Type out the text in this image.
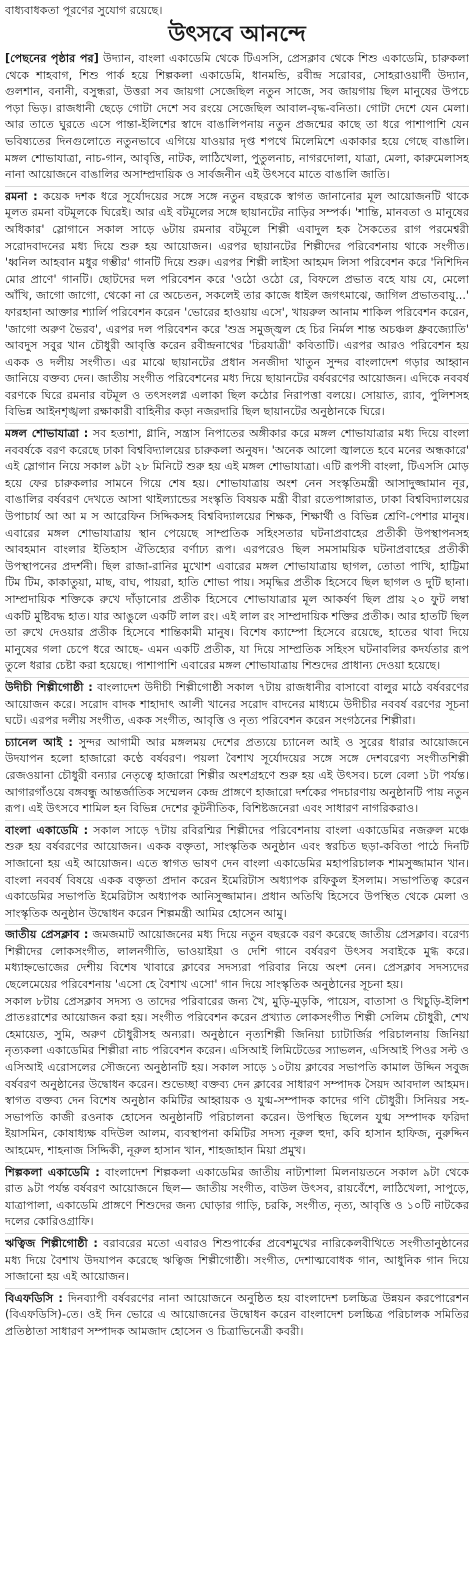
বাধ্যবাধকতা পূরণের সুযোগ রয়েছে।
উৎসবে আনন্দে

[পেছনের পৃষ্ঠার পর] উদ্যান, বাংলা একাডেমি থেকে টিএসসি, প্রেসক্লাব থেকে শিশু একাডেমি, চারুকলা থেকে শাহবাগ, শিশু পার্ক হয়ে শিল্পকলা একাডেমি, ধানমন্ডি, রবীন্দ্র সরোবর, সোহরাওয়ার্দী উদ্যান, গুলশান, বনানী, বসুন্ধরা, উত্তরা সব জায়গা সেজেছিল নতুন সাজে, সব জায়গায় ছিল মানুষের উপচে পড়া ভিড়। রাজধানী ছেড়ে গোটা দেশে সব রংয়ে সেজেছিল আবাল-বৃদ্ধ-বনিতা। গোটা দেশে যেন মেলা। আর তাতে ঘুরতে এসে পান্তা-ইলিশের স্বাদে বাঙালিপনায় নতুন প্রজন্মের কাছে তা ধরে পাশাপাশি যেন ভবিষ্যতের দিনগুলোতে নতুনভাবে এগিয়ে যাওয়ার দৃপ্ত শপথে মিলেমিশে একাকার হয়ে গেছে বাঙালি। মঙ্গল শোভাযাত্রা, নাচ-গান, আবৃত্তি, নাটক, লাঠিখেলা, পুতুলনাচ, নাগরদোলা, যাত্রা, মেলা, কারুমেলাসহ নানা আয়োজনে বাঙালির অসাম্প্রদায়িক ও সার্বজনীন এই উৎসবে মাতে বাঙালি জাতি।

রমনা : কয়েক দশক ধরে সূর্যোদয়ের সঙ্গে সঙ্গে নতুন বছরকে স্বাগত জানানোর মূল আয়োজনটি থাকে মূলত রমনা বটমূলকে ঘিরেই। আর এই বটমূলের সঙ্গে ছায়ানটের নাড়ির সম্পর্ক। 'শান্তি, মানবতা ও মানুষের অধিকার' স্লোগানে সকাল সাড়ে ৬টায় রমনার বটমূলে শিল্পী এবাদুল হক সৈকতের রাগ পরমেশ্বরী সরোদবাদনের মধ্য দিয়ে শুরু হয় আয়োজন। এরপর ছায়ানটের শিল্পীদের পরিবেশনায় থাকে সংগীত। 'ধ্বনিল আহবান মধুর গম্ভীর' গানটি দিয়ে শুরু। এরপর শিল্পী লাইসা আহমদ লিসা পরিবেশন করে 'নিশিদিন মোর প্রাণে' গানটি। ছোটদের দল পরিবেশন করে 'ওঠো ওঠো রে, বিফলে প্রভাত বহে যায় যে, মেলো আঁখি, জাগো জাগো, থেকো না রে অচেতন, সকলেই তার কাজে ধাইল জগৎমাঝে, জাগিল প্রভাতবায়ু...' ফারহানা আক্তার শ্যার্লি পরিবেশন করেন 'ভোরের হাওয়ায় এসে', খায়রুল আনাম শাকিল পরিবেশন করেন, 'জাগো অরুণ ভৈরব', এরপর দল পরিবেশন করে 'শুভ্র সমুজ্জ্বল হে চির নির্মল শান্ত অচঞ্চল ধ্রুবজ্যোতি' আবদুস সবুর খান চৌধুরী আবৃত্তি করেন রবীন্দ্রনাথের 'চিরযাত্রী' কবিতাটি। এরপর আরও পরিবেশন হয় একক ও দলীয় সংগীত। এর মাঝে ছায়ানটের প্রধান সনজীদা খাতুন সুন্দর বাংলাদেশ গড়ার আহ্বান জানিয়ে বক্তব্য দেন। জাতীয় সংগীত পরিবেশনের মধ্য দিয়ে ছায়ানটের বর্ষবরণের আয়োজন। এদিকে নববর্ষ বরণকে ঘিরে রমনার বটমূল ও তৎসংলগ্ন এলাকা ছিল কঠোর নিরাপত্তা বলয়ে। সোয়াত, র‍্যাব, পুলিশসহ বিভিন্ন আইনশৃঙ্খলা রক্ষাকারী বাহিনীর কড়া নজরদারি ছিল ছায়ানটের অনুষ্ঠানকে ঘিরে।

মঙ্গল শোভাযাত্রা : সব হতাশা, গ্লানি, সন্ত্রাস নিপাতের অঙ্গীকার করে মঙ্গল শোভাযাত্রার মধ্য দিয়ে বাংলা নববর্ষকে বরণ করেছে ঢাকা বিশ্ববিদ্যালয়ের চারুকলা অনুষদ। 'অনেক আলো জ্বালতে হবে মনের অন্ধকারে' এই স্লোগান নিয়ে সকাল ৯টা ২৮ মিনিটে শুরু হয় এই মঙ্গল শোভাযাত্রা। এটি রূপসী বাংলা, টিএসসি মোড় হয়ে ফের চারুকলার সামনে গিয়ে শেষ হয়। শোভাযাত্রায় অংশ নেন সংস্কৃতিমন্ত্রী আসাদুজ্জামান নূর, বাঙালির বর্ষবরণ দেখতে আসা থাইল্যান্ডের সংস্কৃতি বিষয়ক মন্ত্রী বীরা রতেপাঙ্গারাত, ঢাকা বিশ্ববিদ্যালয়ের উপাচার্য আ আ ম স আরেফিন সিদ্দিকসহ বিশ্ববিদ্যালয়ের শিক্ষক, শিক্ষার্থী ও বিভিন্ন শ্রেণি-পেশার মানুষ। এবারের মঙ্গল শোভাযাত্রায় স্থান পেয়েছে সাম্প্রতিক সহিংসতার ঘটনাপ্রবাহের প্রতীকী উপস্থাপনসহ আবহমান বাংলার ইতিহাস ঐতিহ্যের বর্ণাঢ্য রূপ। এরপরেও ছিল সমসাময়িক ঘটনাপ্রবাহের প্রতীকী উপস্থাপনের প্রদর্শনী। ছিল রাজা-রানির মুখোশ এবারের মঙ্গল শোভাযাত্রায় ছাগল, তোতা পাখি, হাট্টিমা টিম টিম, কাকাতুয়া, মাছ, বাঘ, পায়রা, হাতি শোভা পায়। সমৃদ্ধির প্রতীক হিসেবে ছিল ছাগল ও দুটি ছানা। সাম্প্রদায়িক শক্তিকে রুখে দাঁড়ানোর প্রতীক হিসেবে শোভাযাত্রার মূল আকর্ষণ ছিল প্রায় ২০ ফুট লম্বা একটি মুষ্টিবদ্ধ হাত। যার আঙুলে একটি লাল রং। এই লাল রং সাম্প্রদায়িক শক্তির প্রতীক। আর হাতটি ছিল তা রুখে দেওয়ার প্রতীক হিসেবে শান্তিকামী মানুষ। বিশেষ ক্যাম্পো হিসেবে রয়েছে, হাতের থাবা দিয়ে মানুষের গলা চেপে ধরে আছে- এমন একটি প্রতীক, যা দিয়ে সাম্প্রতিক সহিংস ঘটনাবলির কদর্যতার রূপ তুলে ধরার চেষ্টা করা হয়েছে। পাশাপাশি এবারের মঙ্গল শোভাযাত্রায় শিশুদের প্রাধান্য দেওয়া হয়েছে।

উদীচী শিল্পীগোষ্ঠী : বাংলাদেশ উদীচী শিল্পীগোষ্ঠী সকাল ৭টায় রাজধানীর বাসাবো বালুর মাঠে বর্ষবরণের আয়োজন করে। সরোদ বাদক শাহাদাৎ আলী খানের সরোদ বাদনের মাধ্যমে উদীচীর নববর্ষ বরণের সূচনা ঘটে। এরপর দলীয় সংগীত, একক সংগীত, আবৃত্তি ও নৃত্য পরিবেশন করেন সংগঠনের শিল্পীরা।

চ্যানেল আই : সুন্দর আগামী আর মঙ্গলময় দেশের প্রত্যয়ে চ্যানেল আই ও সুরের ধারার আয়োজনে উদযাপন হলো হাজারো কণ্ঠে বর্ষবরণ। পয়লা বৈশাখ সূর্যোদয়ের সঙ্গে সঙ্গে দেশবরেণ্য সংগীতশিল্পী রেজওয়ানা চৌধুরী বন্যার নেতৃত্বে হাজারো শিল্পীর অংশগ্রহণে শুরু হয় এই উৎসব। চলে বেলা ১টা পর্যন্ত। আগারগাঁওয়ে বঙ্গবন্ধু আন্তর্জাতিক সম্মেলন কেন্দ্র প্রাঙ্গণে হাজারো দর্শকের পদচারণায় অনুষ্ঠানটি পায় নতুন রূপ। এই উৎসবে শামিল হন বিভিন্ন দেশের কূটনীতিক, বিশিষ্টজনেরা এবং সাধারণ নাগরিকরাও।

বাংলা একাডেমি : সকাল সাড়ে ৭টায় রবিরশ্মির শিল্পীদের পরিবেশনায় বাংলা একাডেমির নজরুল মঞ্চে শুরু হয় বর্ষবরণের আয়োজন। একক বক্তৃতা, সাংস্কৃতিক অনুষ্ঠান এবং স্বরচিত ছড়া-কবিতা পাঠে দিনটি সাজানো হয় এই আয়োজন। এতে স্বাগত ভাষণ দেন বাংলা একাডেমির মহাপরিচালক শামসুজ্জামান খান। বাংলা নববর্ষ বিষয়ে একক বক্তৃতা প্রদান করেন ইমেরিটাস অধ্যাপক রফিকুল ইসলাম। সভাপতিত্ব করেন একাডেমির সভাপতি ইমেরিটাস অধ্যাপক আনিসুজ্জামান। প্রধান অতিথি হিসেবে উপস্থিত থেকে মেলা ও সাংস্কৃতিক অনুষ্ঠান উদ্বোধন করেন শিল্পমন্ত্রী আমির হোসেন আমু।

জাতীয় প্রেসক্লাব : জমজমাট আয়োজনের মধ্য দিয়ে নতুন বছরকে বরণ করেছে জাতীয় প্রেসক্লাব। বরেণ্য শিল্পীদের লোকসংগীত, লালনগীতি, ভাওয়াইয়া ও দেশি গানে বর্ষবরণ উৎসব সবাইকে মুগ্ধ করে। মধ্যাহ্নভোজের দেশীয় বিশেষ খাবারে ক্লাবের সদস্যরা পরিবার নিয়ে অংশ নেন। প্রেসক্লাব সদস্যদের ছেলেমেয়ের পরিবেশনায় 'এসো হে বৈশাখ এসো' গান দিয়ে সাংস্কৃতিক অনুষ্ঠানের সূচনা হয়।

সকাল ৮টায় প্রেসক্লাব সদস্য ও তাদের পরিবারের জন্য খৈ, মুড়ি-মুড়কি, পায়েস, বাতাসা ও খিচুড়ি-ইলিশ প্রাতঃরাশের আয়োজন করা হয়। সংগীত পরিবেশন করেন প্রখ্যাত লোকসংগীত শিল্পী সেলিম চৌধুরী, শেখ হেমায়েত, সুমি, অরুণ চৌধুরীসহ অন্যরা। অনুষ্ঠানে নৃত্যশিল্পী জিনিয়া চ্যাটার্জির পরিচালনায় জিনিয়া নৃত্যকলা একাডেমির শিল্পীরা নাচ পরিবেশন করেন। এসিআই লিমিটেডের স্যাভলন, এসিআই পিওর সল্ট ও এসিআই এরোসলের সৌজন্যে অনুষ্ঠানটি হয়। সকাল সাড়ে ১০টায় ক্লাবের সভাপতি কামাল উদ্দিন সবুজ বর্ষবরণ অনুষ্ঠানের উদ্বোধন করেন। শুভেচ্ছা বক্তব্য দেন ক্লাবের সাধারণ সম্পাদক সৈয়দ আবদাল আহমদ। স্বাগত বক্তব্য দেন বিশেষ অনুষ্ঠান কমিটির আহ্বায়ক ও যুগ্ম-সম্পাদক কাদের গণি চৌধুরী। সিনিয়র সহ-সভাপতি কাজী রওনাক হোসেন অনুষ্ঠানটি পরিচালনা করেন। উপস্থিত ছিলেন যুগ্ম সম্পাদক ফরিদা ইয়াসমিন, কোষাধ্যক্ষ বদিউল আলম, ব্যবস্থাপনা কমিটির সদস্য নূরুল হুদা, কবি হাসান হাফিজ, নুরুদ্দিন আহমেদ, শাহনাজ সিদ্দিকী, নূরুল হাসান খান, শাহজাহান মিয়া প্রমুখ।

শিল্পকলা একাডেমি : বাংলাদেশ শিল্পকলা একাডেমির জাতীয় নাট্যশালা মিলনায়তনে সকাল ৯টা থেকে রাত ৯টা পর্যন্ত বর্ষবরণ আয়োজনে ছিল— জাতীয় সংগীত, বাউল উৎসব, রায়বেঁশে, লাঠিখেলা, সাপুড়ে, যাত্রাপালা, একাডেমি প্রাঙ্গণে শিশুদের জন্য ঘোড়ার গাড়ি, চরকি, সংগীত, নৃত্য, আবৃত্তি ও ১০টি নাটকের দলের কোরিওগ্রাফি।

ঋত্বিজ শিল্পীগোষ্ঠী : বরাবরের মতো এবারও শিশুপার্কের প্রবেশমুখের নারিকেলবীথিতে সংগীতানুষ্ঠানের মধ্য দিয়ে বৈশাখ উদযাপন করেছে ঋত্বিজ শিল্পীগোষ্ঠী। সংগীত, দেশাত্মবোধক গান, আধুনিক গান দিয়ে সাজানো হয় এই আয়োজন।

বিএফডিসি : দিনব্যাপী বর্ষবরণের নানা আয়োজনে অনুষ্ঠিত হয় বাংলাদেশ চলচ্চিত্র উন্নয়ন করপোরেশন (বিএফডিসি)-তে। ওই দিন ভোরে এ আয়োজনের উদ্বোধন করেন বাংলাদেশ চলচ্চিত্র পরিচালক সমিতির প্রতিষ্ঠাতা সাধারণ সম্পাদক আমজাদ হোসেন ও চিত্রাভিনেত্রী কবরী।
